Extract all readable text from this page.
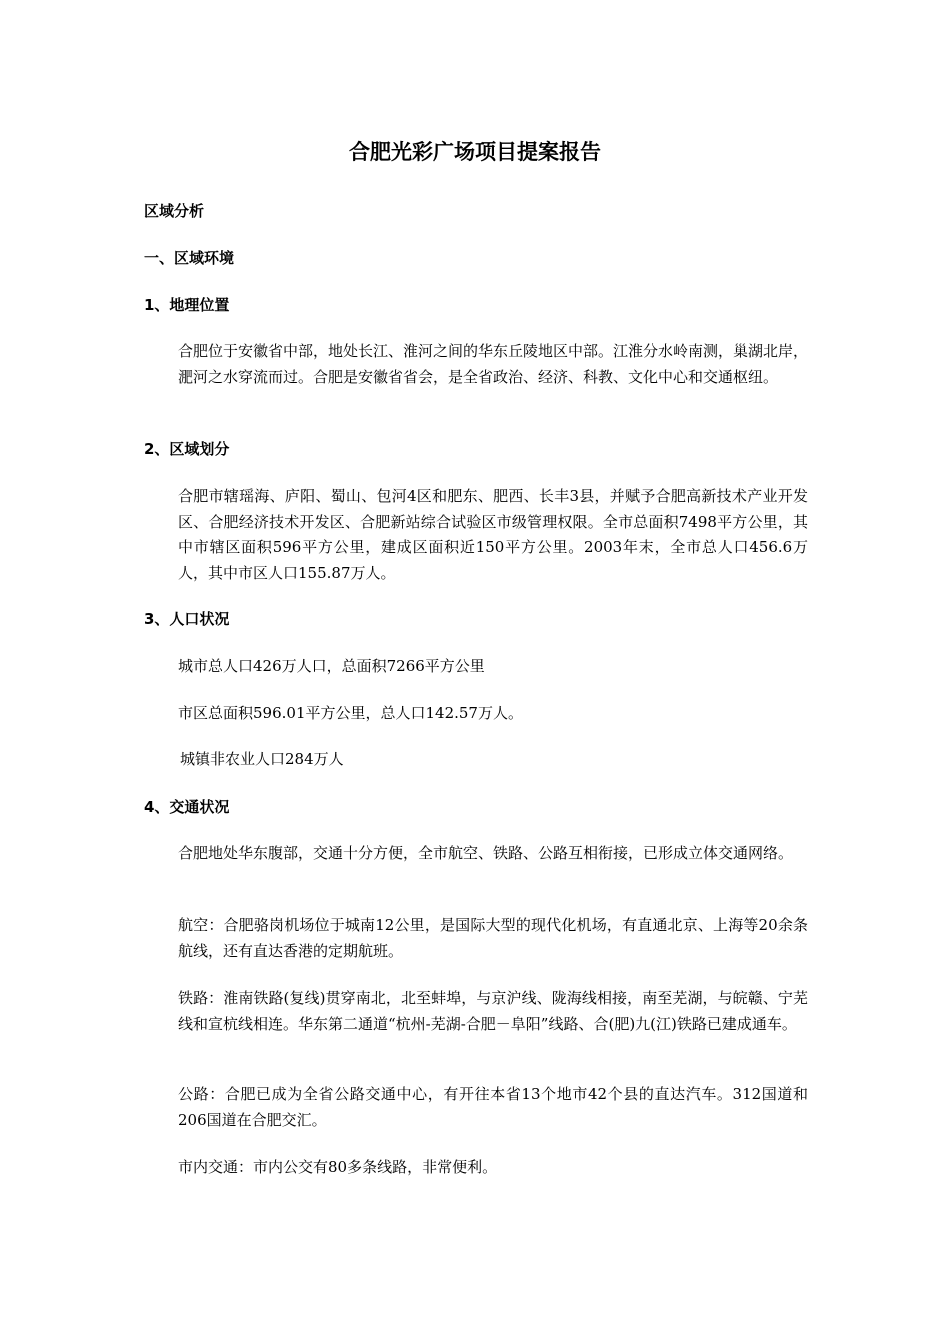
合肥光彩广场项目提案报告
区域分析
一、区域环境
1、地理位置
合肥位于安徽省中部，地处长江、淮河之间的华东丘陵地区中部。江淮分水岭南测，巢湖北岸，淝河之水穿流而过。合肥是安徽省省会，是全省政治、经济、科教、文化中心和交通枢纽。
2、区域划分
合肥市辖瑶海、庐阳、蜀山、包河4区和肥东、肥西、长丰3县，并赋予合肥高新技术产业开发区、合肥经济技术开发区、合肥新站综合试验区市级管理权限。全市总面积7498平方公里，其中市辖区面积596平方公里，建成区面积近150平方公里。2003年末，全市总人口456.6万人，其中市区人口155.87万人。
3、人口状况
城市总人口426万人口，总面积7266平方公里
市区总面积596.01平方公里，总人口142.57万人。
城镇非农业人口284万人
4、交通状况
合肥地处华东腹部，交通十分方便，全市航空、铁路、公路互相衔接，已形成立体交通网络。
航空：合肥骆岗机场位于城南12公里，是国际大型的现代化机场，有直通北京、上海等20余条航线，还有直达香港的定期航班。
铁路：淮南铁路(复线)贯穿南北，北至蚌埠，与京沪线、陇海线相接，南至芜湖，与皖赣、宁芜线和宣杭线相连。华东第二通道“杭州-芜湖-合肥－阜阳”线路、合(肥)九(江)铁路已建成通车。
公路：合肥已成为全省公路交通中心，有开往本省13个地市42个县的直达汽车。312国道和206国道在合肥交汇。
市内交通：市内公交有80多条线路，非常便利。
